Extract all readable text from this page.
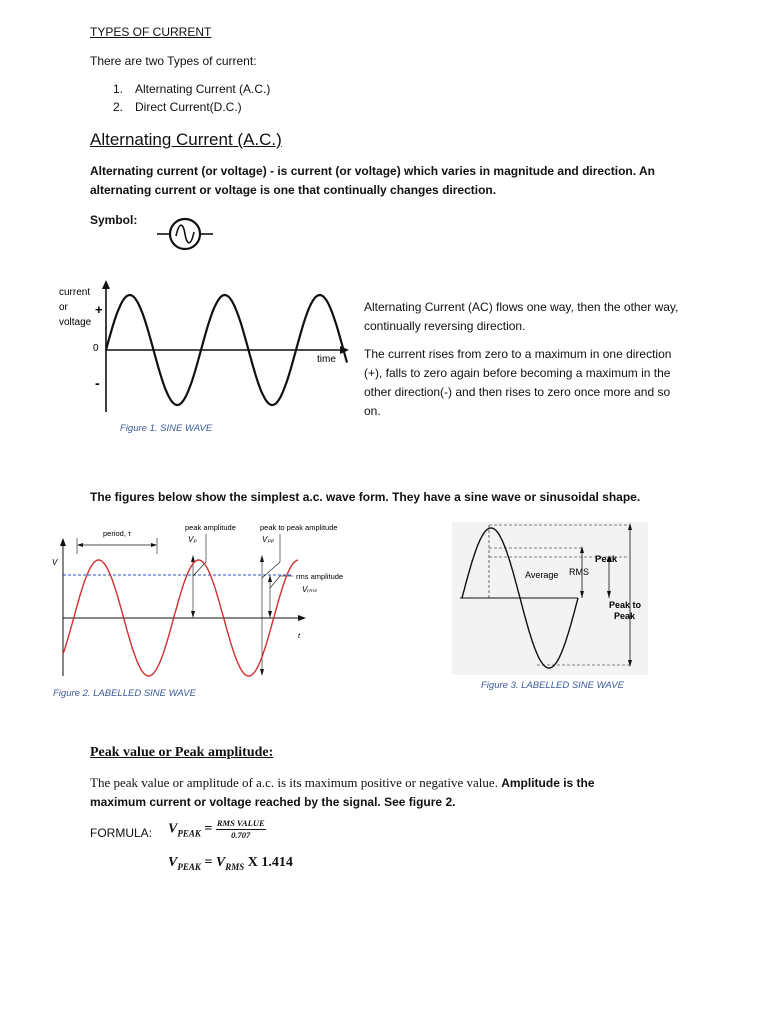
TYPES OF CURRENT
There are two Types of current:
1. Alternating Current (A.C.)
2. Direct Current(D.C.)
Alternating Current (A.C.)
Alternating current (or voltage) - is current (or voltage) which varies in magnitude and direction. An alternating current or voltage is one that continually changes direction.
Symbol:
current
or
voltage
+
0
-
time
Figure 1. SINE WAVE
Alternating Current (AC) flows one way, then the other way, continually reversing direction.
The current rises from zero to a maximum in one direction (+), falls to zero again before becoming a maximum in the other direction(-) and then rises to zero once more and so on.
The figures below show the simplest a.c. wave form. They have a sine wave or sinusoidal shape.
V
t
period, τ
peak amplitude
Vₚ
peak to peak amplitude
Vₚₚ
rms amplitude
Vᵣₘₛ
Figure 2. LABELLED SINE WAVE
Peak
Average RMS
Peak to
Peak
Figure 3. LABELLED SINE WAVE
Peak value or Peak amplitude:
The peak value or amplitude of a.c. is its maximum positive or negative value. Amplitude is the maximum current or voltage reached by the signal. See figure 2.
FORMULA: $V_{PEAK} = \frac{\text{RMS VALUE}}{0.707}$
$V_{PEAK} = V_{RMS}$ X 1.414
